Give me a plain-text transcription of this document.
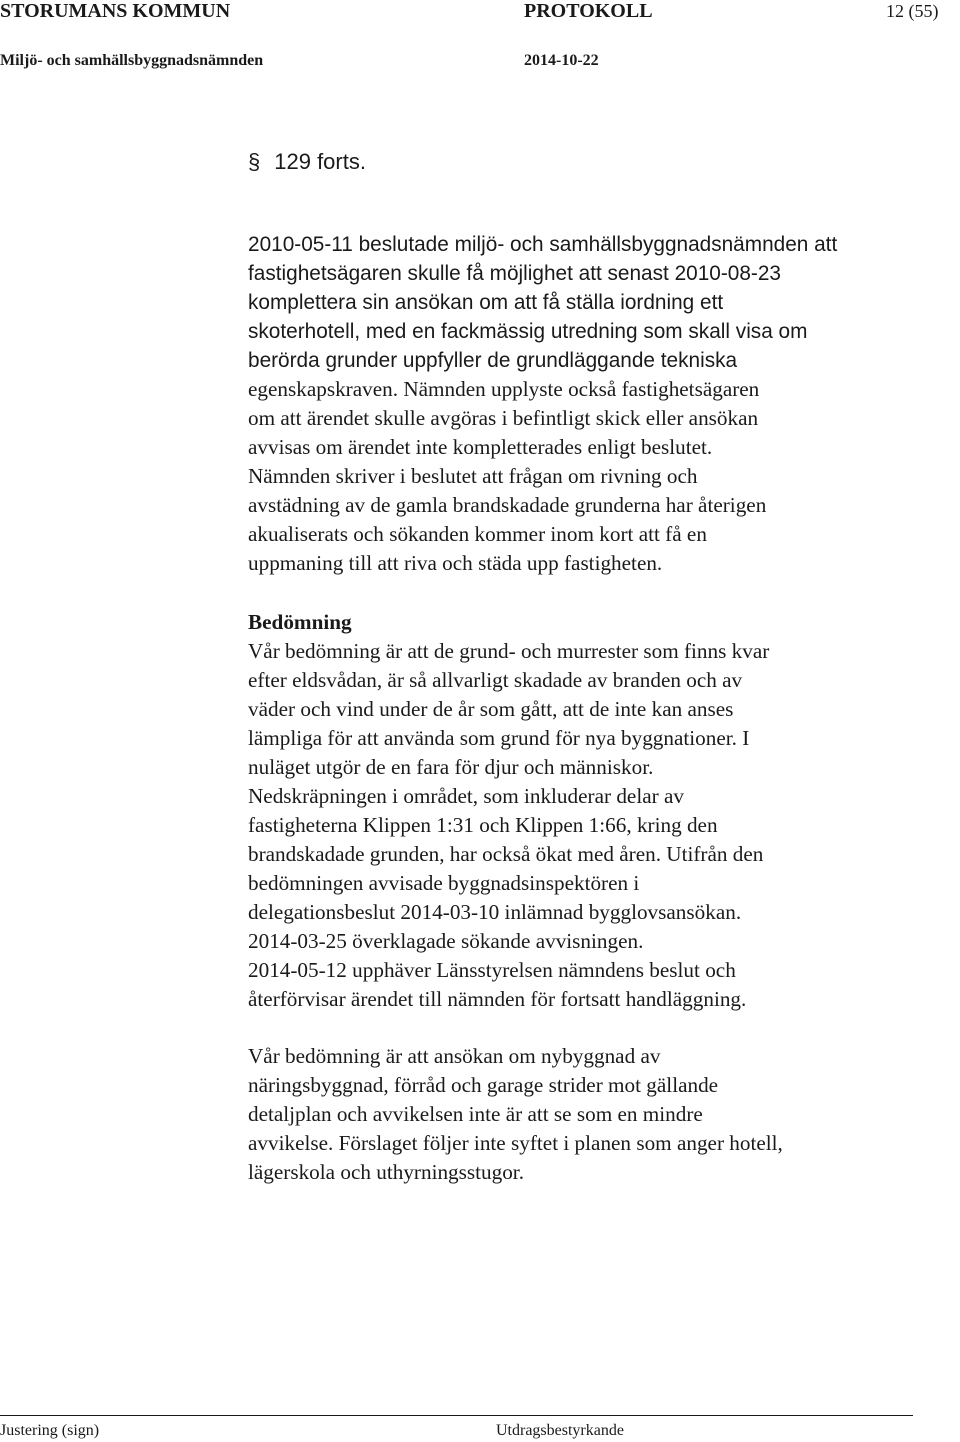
STORUMANS KOMMUN	PROTOKOLL	12 (55)
Miljö- och samhällsbyggnadsnämnden	2014-10-22
§ 129 forts.

2010-05-11 beslutade miljö- och samhällsbyggnadsnämnden att
fastighetsägaren skulle få möjlighet att senast 2010-08-23
komplettera sin ansökan om att få ställa iordning ett
skoterhotell, med en fackmässig utredning som skall visa om
berörda grunder uppfyller de grundläggande tekniska

egenskapskraven. Nämnden upplyste också fastighetsägaren
om att ärendet skulle avgöras i befintligt skick eller ansökan
avvisas om ärendet inte kompletterades enligt beslutet.
Nämnden skriver i beslutet att frågan om rivning och
avstädning av de gamla brandskadade grunderna har återigen
akualiserats och sökanden kommer inom kort att få en
uppmaning till att riva och städa upp fastigheten.

Bedömning

Vår bedömning är att de grund- och murrester som finns kvar
efter eldsvådan, är så allvarligt skadade av branden och av
väder och vind under de år som gått, att de inte kan anses
lämpliga för att använda som grund för nya byggnationer. I
nuläget utgör de en fara för djur och människor.
Nedskräpningen i området, som inkluderar delar av
fastigheterna Klippen 1:31 och Klippen 1:66, kring den
brandskadade grunden, har också ökat med åren. Utifrån den
bedömningen avvisade byggnadsinspektören i
delegationsbeslut 2014-03-10 inlämnad bygglovsansökan.
2014-03-25 överklagade sökande avvisningen.
2014-05-12 upphäver Länsstyrelsen nämndens beslut och
återförvisar ärendet till nämnden för fortsatt handläggning.

Vår bedömning är att ansökan om nybyggnad av
näringsbyggnad, förråd och garage strider mot gällande
detaljplan och avvikelsen inte är att se som en mindre
avvikelse. Förslaget följer inte syftet i planen som anger hotell,
lägerskola och uthyrningsstugor.

Justering (sign)	Utdragsbestyrkande
